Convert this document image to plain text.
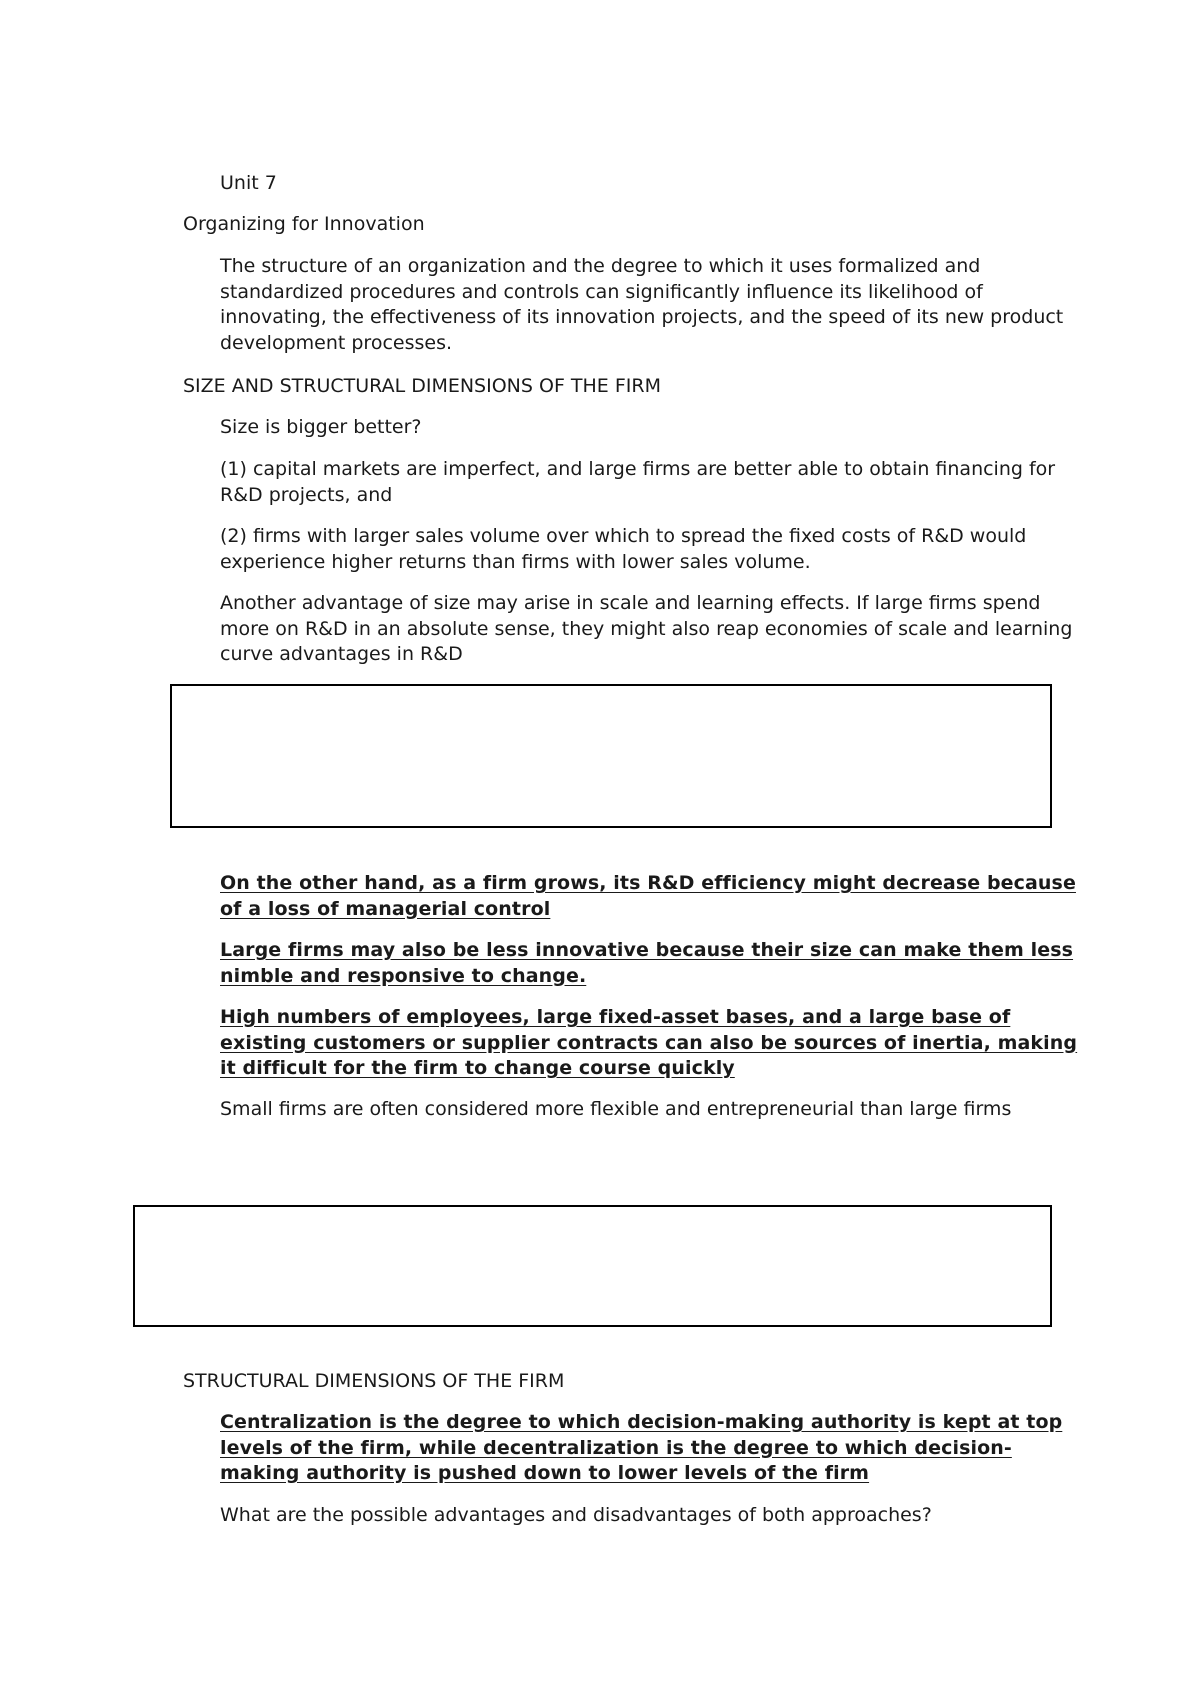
Unit 7
Organizing for Innovation
The structure of an organization and the degree to which it uses formalized and standardized procedures and controls can significantly influence its likelihood of innovating, the effectiveness of its innovation projects, and the speed of its new product development processes.
SIZE AND STRUCTURAL DIMENSIONS OF THE FIRM
Size is bigger better?
(1) capital markets are imperfect, and large firms are better able to obtain financing for R&D projects, and
(2) firms with larger sales volume over which to spread the fixed costs of R&D would experience higher returns than firms with lower sales volume.
Another advantage of size may arise in scale and learning effects. If large firms spend more on R&D in an absolute sense, they might also reap economies of scale and learning curve advantages in R&D
On the other hand, as a firm grows, its R&D efficiency might decrease because of a loss of managerial control
Large firms may also be less innovative because their size can make them less nimble and responsive to change.
High numbers of employees, large fixed-asset bases, and a large base of existing customers or supplier contracts can also be sources of inertia, making it difficult for the firm to change course quickly
Small firms are often considered more flexible and entrepreneurial than large firms
STRUCTURAL DIMENSIONS OF THE FIRM
Centralization is the degree to which decision-making authority is kept at top levels of the firm, while decentralization is the degree to which decision-making authority is pushed down to lower levels of the firm
What are the possible advantages and disadvantages of both approaches?
